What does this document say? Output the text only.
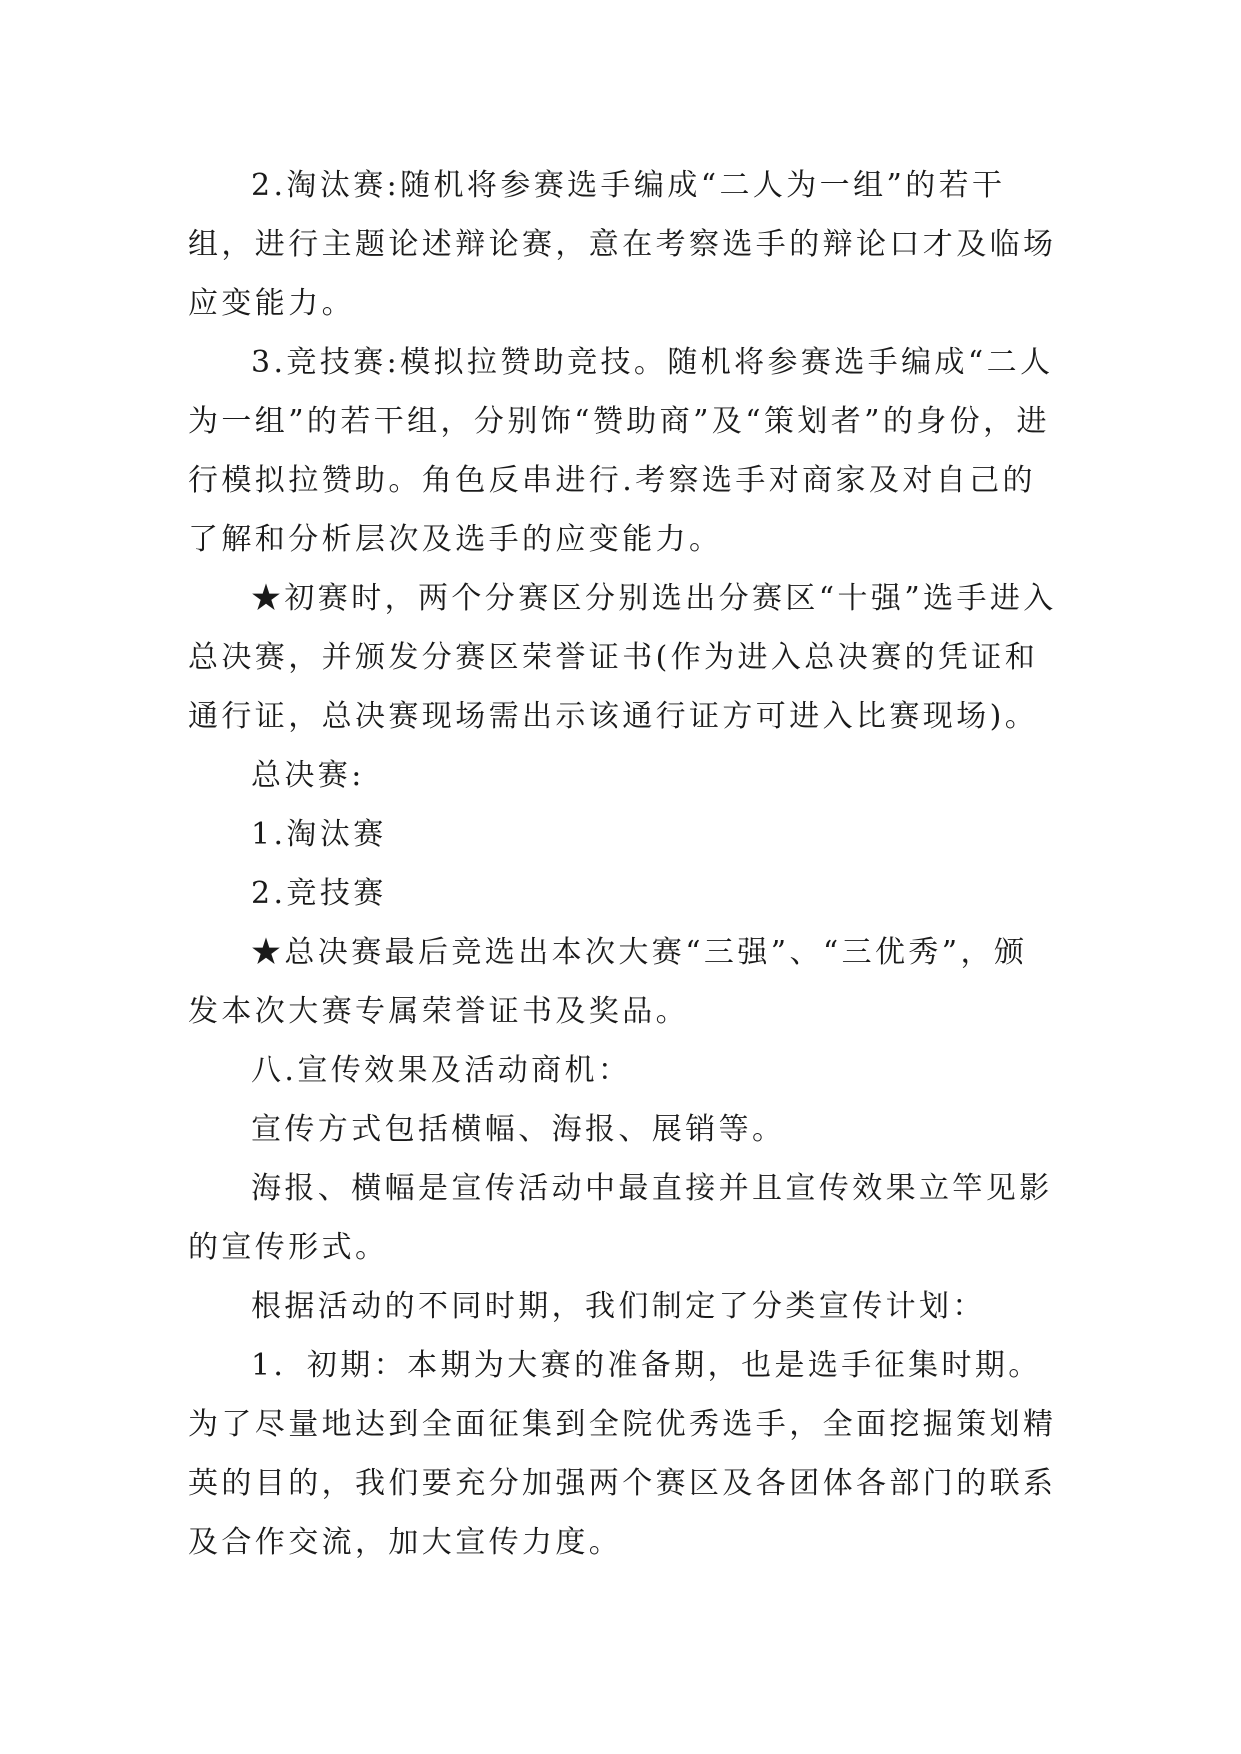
2.淘汰赛:随机将参赛选手编成“二人为一组”的若干组，进行主题论述辩论赛，意在考察选手的辩论口才及临场应变能力。

3.竞技赛:模拟拉赞助竞技。随机将参赛选手编成“二人为一组”的若干组，分别饰“赞助商”及“策划者”的身份，进行模拟拉赞助。角色反串进行.考察选手对商家及对自己的了解和分析层次及选手的应变能力。

★初赛时，两个分赛区分别选出分赛区“十强”选手进入总决赛，并颁发分赛区荣誉证书(作为进入总决赛的凭证和通行证，总决赛现场需出示该通行证方可进入比赛现场)。

总决赛:

1.淘汰赛

2.竞技赛

★总决赛最后竞选出本次大赛“三强”、“三优秀”，颁发本次大赛专属荣誉证书及奖品。

八.宣传效果及活动商机：

宣传方式包括横幅、海报、展销等。

海报、横幅是宣传活动中最直接并且宣传效果立竿见影的宣传形式。

根据活动的不同时期，我们制定了分类宣传计划：

1．初期：本期为大赛的准备期，也是选手征集时期。为了尽量地达到全面征集到全院优秀选手，全面挖掘策划精英的目的，我们要充分加强两个赛区及各团体各部门的联系及合作交流，加大宣传力度。
